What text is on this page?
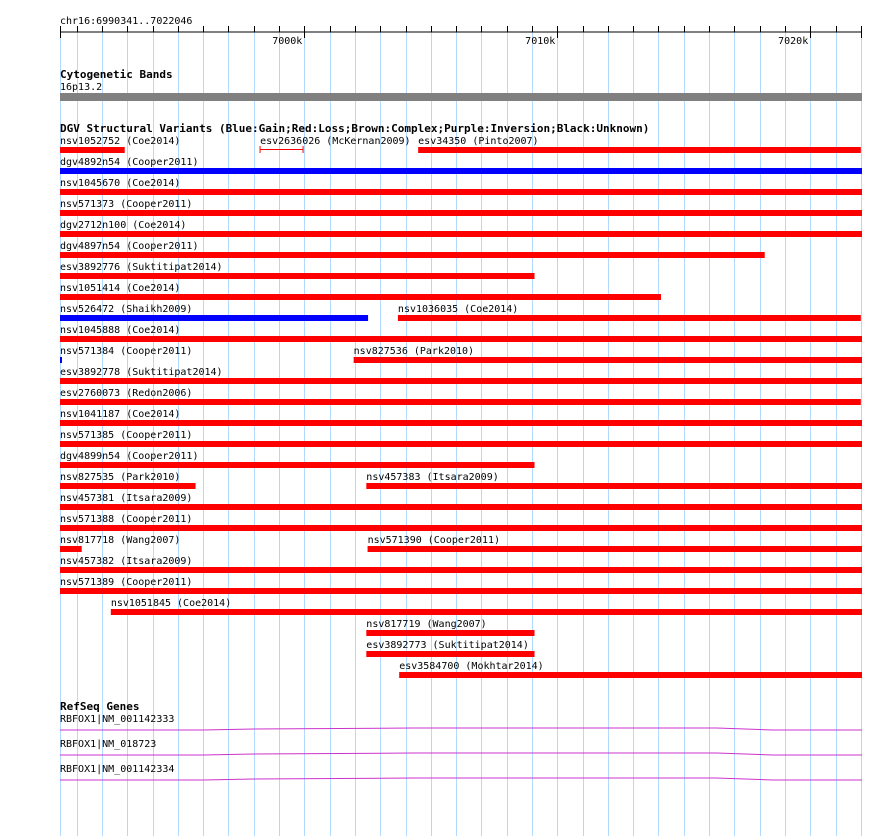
chr16:6990341..7022046
7000k	7010k	7020k
Cytogenetic Bands
16p13.2
DGV Structural Variants (Blue:Gain;Red:Loss;Brown:Complex;Purple:Inversion;Black:Unknown)
nsv1052752 (Coe2014)	esv2636026 (McKernan2009) esv34350 (Pinto2007)
dgv4892n54 (Cooper2011)
nsv1045670 (Coe2014)
nsv571373 (Cooper2011)
dgv2712n100 (Coe2014)
dgv4897n54 (Cooper2011)
esv3892776 (Suktitipat2014)
nsv1051414 (Coe2014)
nsv526472 (Shaikh2009)	nsv1036035 (Coe2014)
nsv1045888 (Coe2014)
nsv571384 (Cooper2011)	nsv827536 (Park2010)
esv3892778 (Suktitipat2014)
esv2760073 (Redon2006)
nsv1041187 (Coe2014)
nsv571385 (Cooper2011)
dgv4899n54 (Cooper2011)
nsv827535 (Park2010)	nsv457383 (Itsara2009)
nsv457381 (Itsara2009)
nsv571388 (Cooper2011)
nsv817718 (Wang2007)	nsv571390 (Cooper2011)
nsv457382 (Itsara2009)
nsv571389 (Cooper2011)
nsv1051845 (Coe2014)
nsv817719 (Wang2007)
esv3892773 (Suktitipat2014)
esv3584700 (Mokhtar2014)
RefSeq Genes
RBFOX1|NM_001142333
RBFOX1|NM_018723
RBFOX1|NM_001142334
